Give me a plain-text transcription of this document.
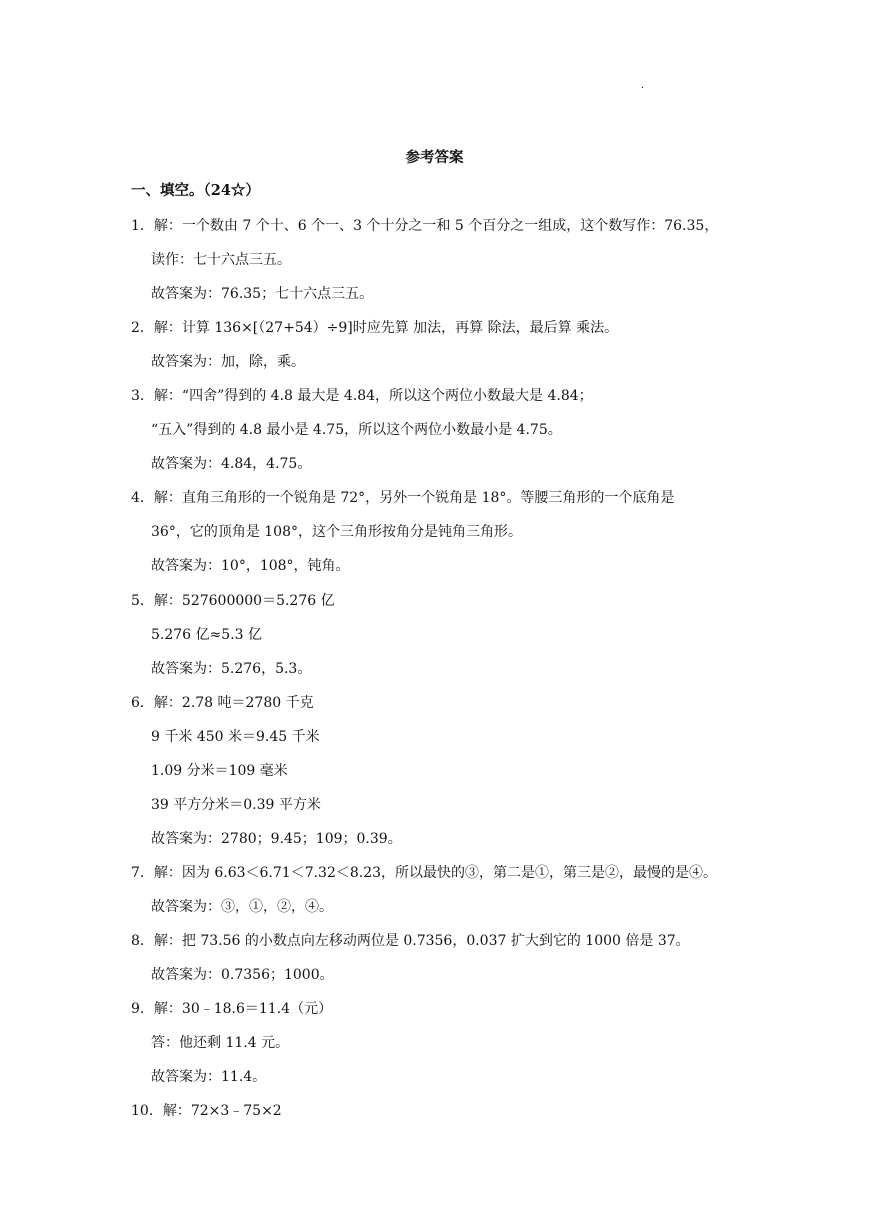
·
参考答案
一、填空。（24☆）
1．解：一个数由 7 个十、6 个一、3 个十分之一和 5 个百分之一组成，这个数写作：76.35，
读作：七十六点三五。
故答案为：76.35；七十六点三五。
2．解：计算 136×[（27+54）÷9]时应先算 加法，再算 除法，最后算 乘法。
故答案为：加，除，乘。
3．解：“四舍”得到的 4.8 最大是 4.84，所以这个两位小数最大是 4.84；
“五入”得到的 4.8 最小是 4.75，所以这个两位小数最小是 4.75。
故答案为：4.84，4.75。
4．解：直角三角形的一个锐角是 72°，另外一个锐角是 18°。等腰三角形的一个底角是
36°，它的顶角是 108°，这个三角形按角分是钝角三角形。
故答案为：10°，108°，钝角。
5．解：527600000＝5.276 亿
5.276 亿≈5.3 亿
故答案为：5.276，5.3。
6．解：2.78 吨＝2780 千克
9 千米 450 米＝9.45 千米
1.09 分米＝109 毫米
39 平方分米＝0.39 平方米
故答案为：2780；9.45；109；0.39。
7．解：因为 6.63＜6.71＜7.32＜8.23，所以最快的③，第二是①，第三是②，最慢的是④。
故答案为：③，①，②，④。
8．解：把 73.56 的小数点向左移动两位是 0.7356，0.037 扩大到它的 1000 倍是 37。
故答案为：0.7356；1000。
9．解：30﹣18.6＝11.4（元）
答：他还剩 11.4 元。
故答案为：11.4。
10．解：72×3﹣75×2
